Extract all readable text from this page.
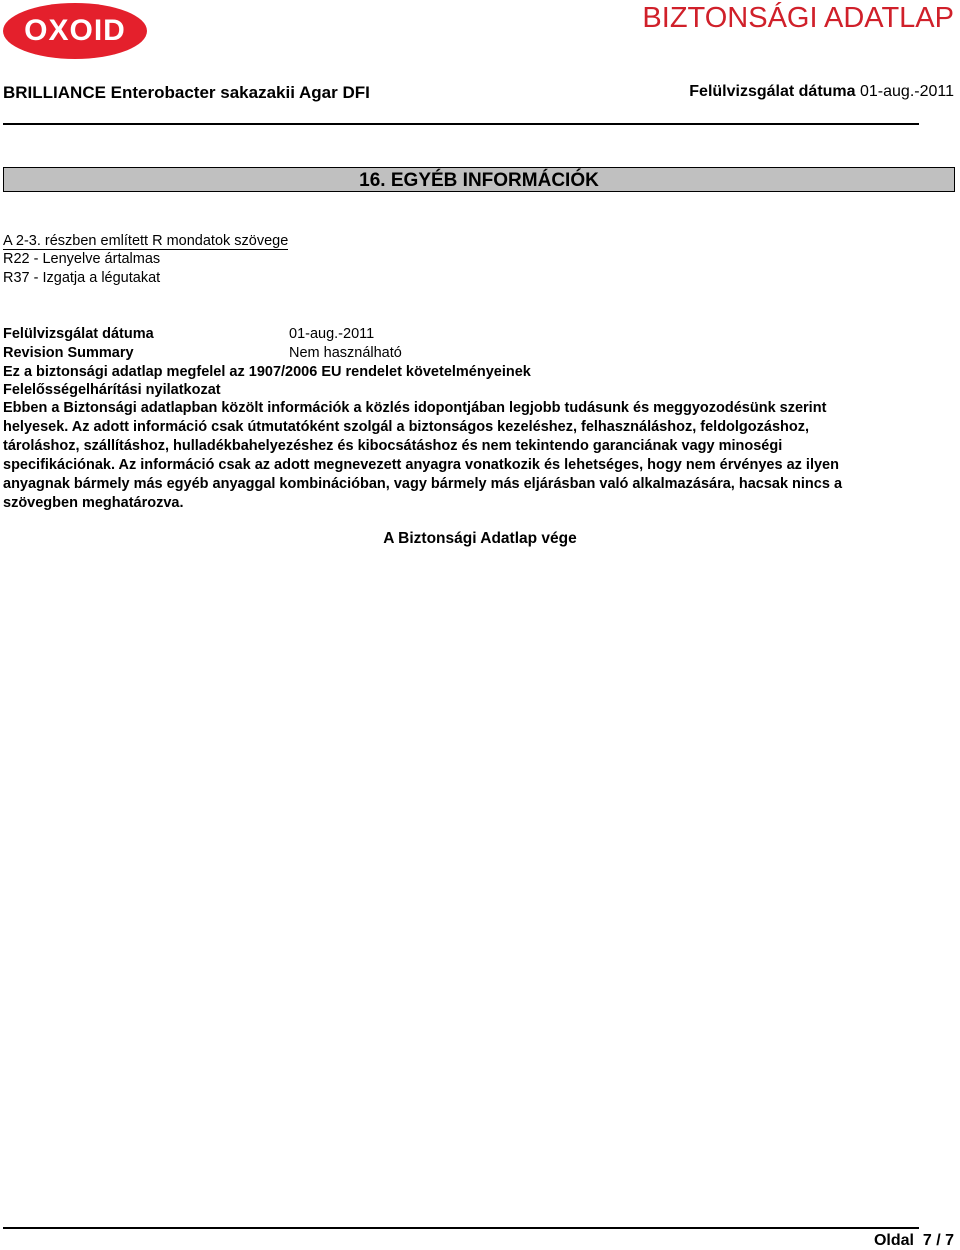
OXOID	BIZTONSÁGI ADATLAP
BRILLIANCE Enterobacter sakazakii Agar DFI	Felülvizsgálat dátuma 01-aug.-2011
16. EGYÉB INFORMÁCIÓK
A 2-3. részben említett R mondatok szövege
R22 - Lenyelve ártalmas
R37 - Izgatja a légutakat
Felülvizsgálat dátuma	01-aug.-2011
Revision Summary	Nem használható
Ez a biztonsági adatlap megfelel az 1907/2006 EU rendelet követelményeinek
Felelősségelhárítási nyilatkozat

Ebben a Biztonsági adatlapban közölt információk a közlés idopontjában legjobb tudásunk és meggyozodésünk szerint

helyesek. Az adott információ csak útmutatóként szolgál a biztonságos kezeléshez, felhasználáshoz, feldolgozáshoz,

tároláshoz, szállításhoz, hulladékbahelyezéshez és kibocsátáshoz és nem tekintendo garanciának vagy minoségi

specifikációnak. Az információ csak az adott megnevezett anyagra vonatkozik és lehetséges, hogy nem érvényes az ilyen

anyagnak bármely más egyéb anyaggal kombinációban, vagy bármely más eljárásban való alkalmazására, hacsak nincs a

szövegben meghatározva.

A Biztonsági Adatlap vége
Oldal 7 / 7
